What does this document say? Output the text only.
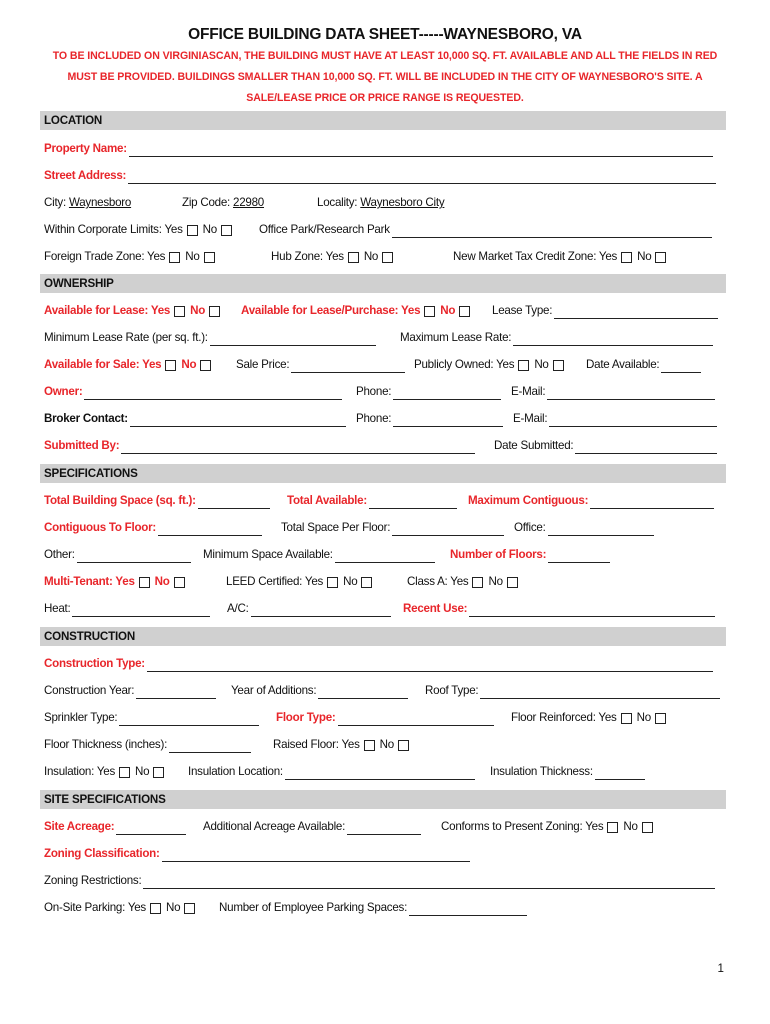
OFFICE BUILDING DATA SHEET-----WAYNESBORO, VA
TO BE INCLUDED ON VIRGINIASCAN, THE BUILDING MUST HAVE AT LEAST 10,000 SQ. FT. AVAILABLE AND ALL THE FIELDS IN RED MUST BE PROVIDED. BUILDINGS SMALLER THAN 10,000 SQ. FT. WILL BE INCLUDED IN THE CITY OF WAYNESBORO'S SITE. A SALE/LEASE PRICE OR PRICE RANGE IS REQUESTED.
LOCATION
Property Name:
Street Address:
City: Waynesboro	Zip Code: 22980	Locality: Waynesboro City
Within Corporate Limits: Yes No	Office Park/Research Park
Foreign Trade Zone: Yes No	Hub Zone: Yes No	New Market Tax Credit Zone: Yes No
OWNERSHIP
Available for Lease: Yes No	Available for Lease/Purchase: Yes No	Lease Type:
Minimum Lease Rate (per sq. ft.):	Maximum Lease Rate:
Available for Sale: Yes No	Sale Price:	Publicly Owned: Yes No	Date Available:
Owner:	Phone:	E-Mail:
Broker Contact:	Phone:	E-Mail:
Submitted By:	Date Submitted:
SPECIFICATIONS
Total Building Space (sq. ft.):	Total Available:	Maximum Contiguous:
Contiguous To Floor:	Total Space Per Floor:	Office:
Other:	Minimum Space Available:	Number of Floors:
Multi-Tenant: Yes No	LEED Certified: Yes No	Class A: Yes No
Heat:	A/C:	Recent Use:
CONSTRUCTION
Construction Type:
Construction Year:	Year of Additions:	Roof Type:
Sprinkler Type:	Floor Type:	Floor Reinforced: Yes No
Floor Thickness (inches):	Raised Floor: Yes No
Insulation: Yes No	Insulation Location:	Insulation Thickness:
SITE SPECIFICATIONS
Site Acreage:	Additional Acreage Available:	Conforms to Present Zoning: Yes No
Zoning Classification:
Zoning Restrictions:
On-Site Parking: Yes No	Number of Employee Parking Spaces:
1
